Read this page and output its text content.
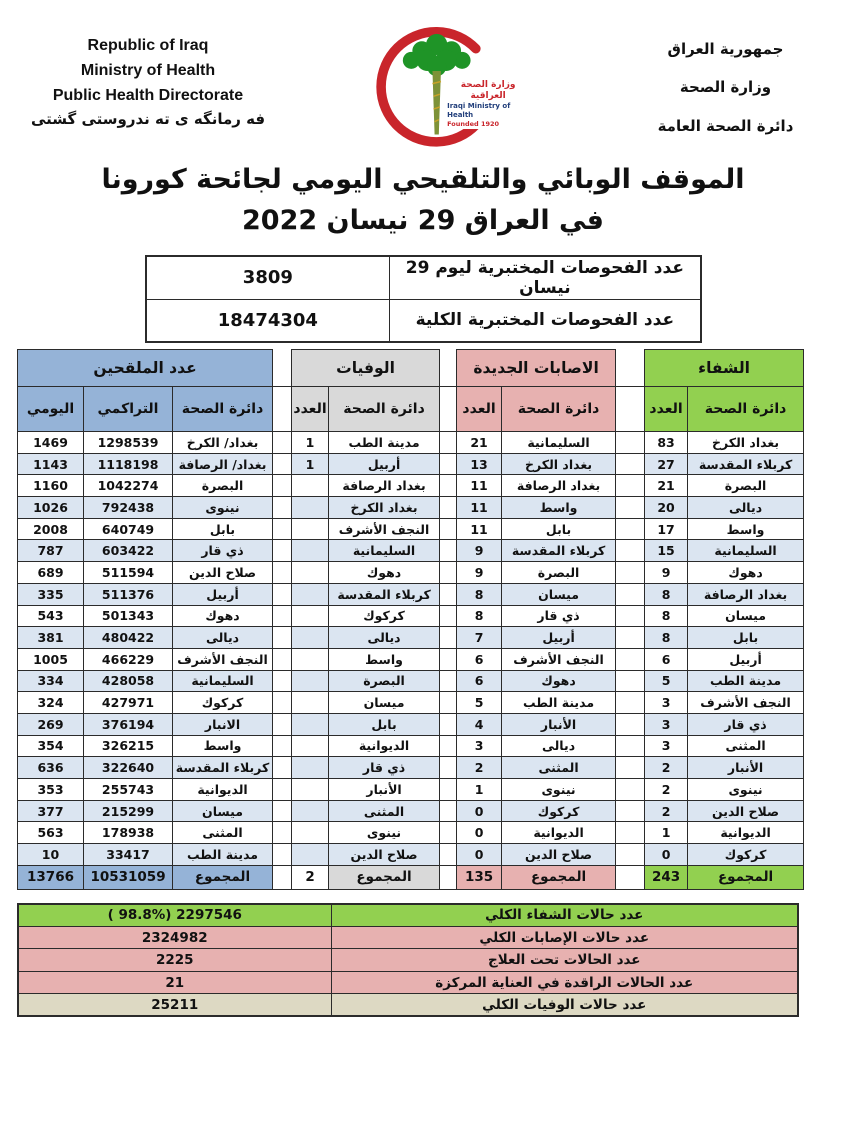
Republic of Iraq
Ministry of Health
Public Health Directorate
فه رمانگه ی ته ندروستی گشتی
وزارة الصحة العراقية
Iraqi Ministry of Health
Founded 1920
جمهورية العراق
وزارة الصحة
دائرة الصحة العامة
الموقف الوبائي والتلقيحي اليومي لجائحة كورونا
في العراق 29 نيسان 2022
عدد الفحوصات المختبرية ليوم 29 نيسان	3809
عدد الفحوصات المختبرية الكلية	18474304
الشفاء			الاصابات الجديدة			الوفيات			عدد الملقحين		
دائرة الصحة	العدد		دائرة الصحة	العدد		دائرة الصحة	العدد		دائرة الصحة	التراكمي	اليومي
بغداد الكرخ	83		السليمانية	21		مدينة الطب	1		بغداد/ الكرخ	1298539	1469
كربلاء المقدسة	27		بغداد الكرخ	13		أربيل	1		بغداد/ الرصافة	1118198	1143
البصرة	21		بغداد الرصافة	11		بغداد الرصافة			البصرة	1042274	1160
ديالى	20		واسط	11		بغداد الكرخ			نينوى	792438	1026
واسط	17		بابل	11		النجف الأشرف			بابل	640749	2008
السليمانية	15		كربلاء المقدسة	9		السليمانية			ذي قار	603422	787
دهوك	9		البصرة	9		دهوك			صلاح الدين	511594	689
بغداد الرصافة	8		ميسان	8		كربلاء المقدسة			أربيل	511376	335
ميسان	8		ذي قار	8		كركوك			دهوك	501343	543
بابل	8		أربيل	7		ديالى			ديالى	480422	381
أربيل	6		النجف الأشرف	6		واسط			النجف الأشرف	466229	1005
مدينة الطب	5		دهوك	6		البصرة			السليمانية	428058	334
النجف الأشرف	3		مدينة الطب	5		ميسان			كركوك	427971	324
ذي قار	3		الأنبار	4		بابل			الانبار	376194	269
المثنى	3		ديالى	3		الديوانية			واسط	326215	354
الأنبار	2		المثنى	2		ذي قار			كربلاء المقدسة	322640	636
نينوى	2		نينوى	1		الأنبار			الديوانية	255743	353
صلاح الدين	2		كركوك	0		المثنى			ميسان	215299	377
الديوانية	1		الديوانية	0		نينوى			المثنى	178938	563
كركوك	0		صلاح الدين	0		صلاح الدين			مدينة الطب	33417	10
المجموع	243		المجموع	135		المجموع	2		المجموع	10531059	13766
عدد حالات الشفاء الكلي	( 98.8%) 2297546
عدد حالات الإصابات الكلي	2324982
عدد الحالات تحت العلاج	2225
عدد الحالات الراقدة في العناية المركزة	21
عدد حالات الوفيات الكلي	25211
